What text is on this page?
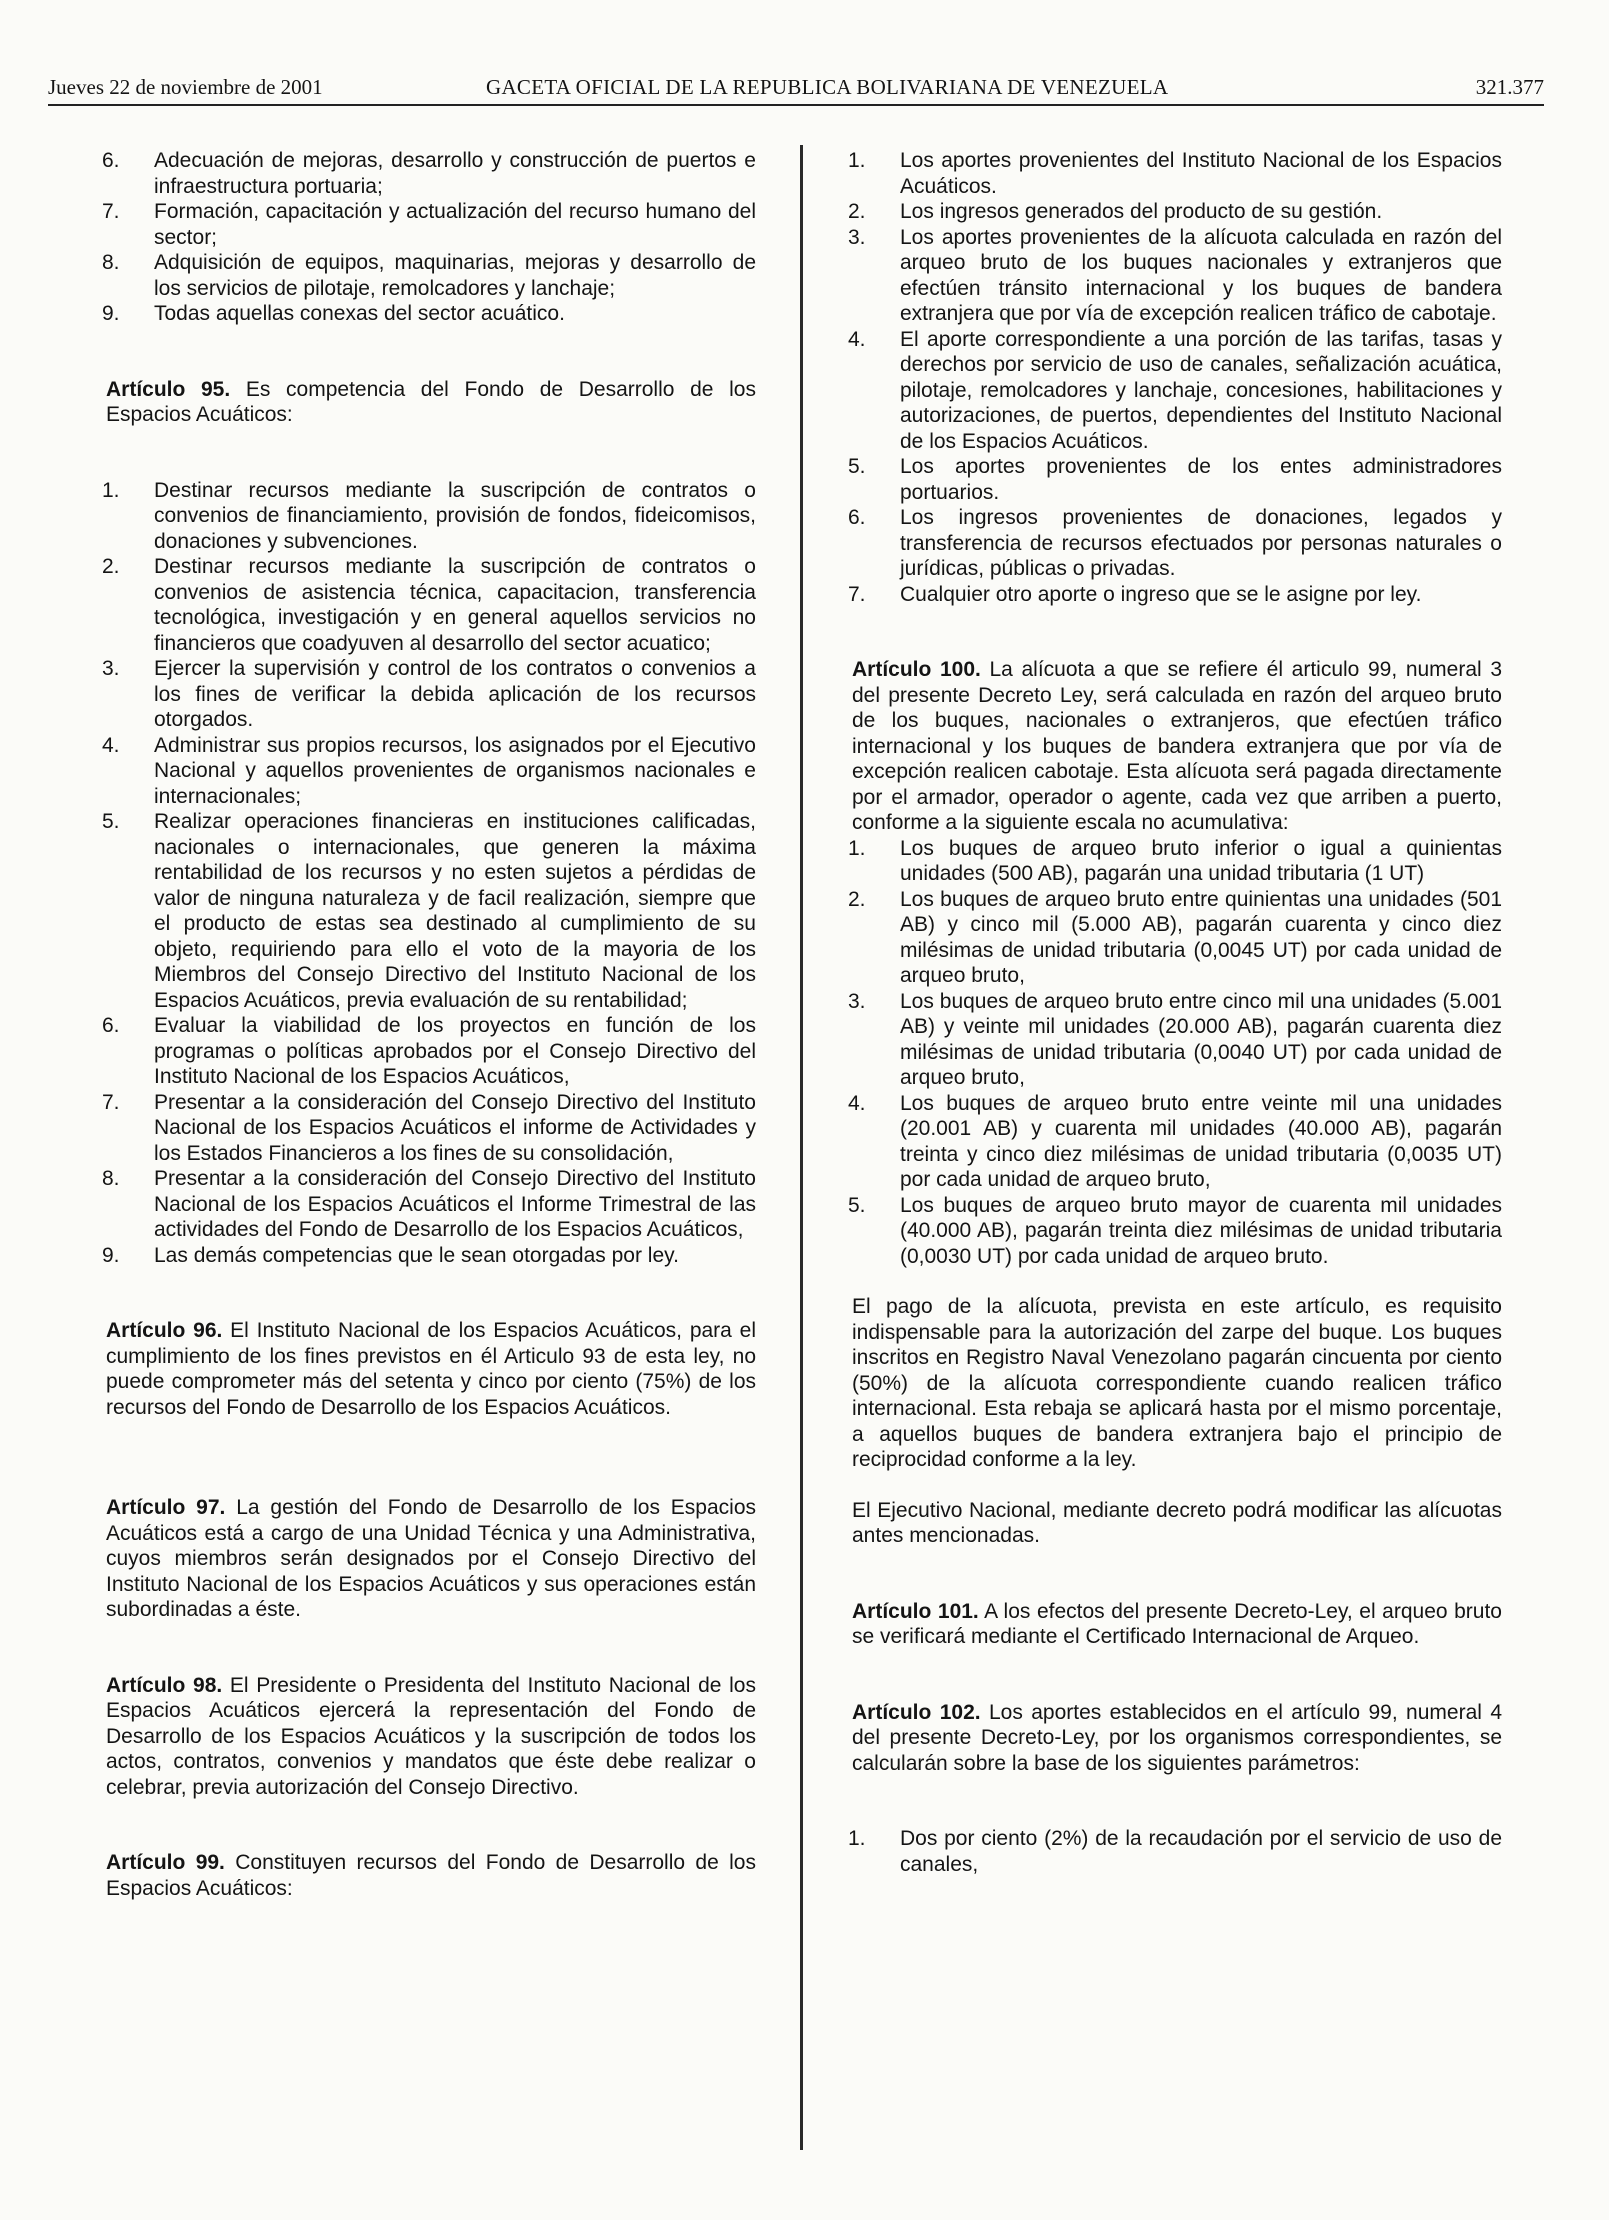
Jueves 22 de noviembre de 2001	GACETA OFICIAL DE LA REPUBLICA BOLIVARIANA DE VENEZUELA	321.377
6. Adecuación de mejoras, desarrollo y construcción de puertos e infraestructura portuaria;
7. Formación, capacitación y actualización del recurso humano del sector;
8. Adquisición de equipos, maquinarias, mejoras y desarrollo de los servicios de pilotaje, remolcadores y lanchaje;
9. Todas aquellas conexas del sector acuático.

Artículo 95. Es competencia del Fondo de Desarrollo de los Espacios Acuáticos:

1. Destinar recursos mediante la suscripción de contratos o convenios de financiamiento, provisión de fondos, fideicomisos, donaciones y subvenciones.
2. Destinar recursos mediante la suscripción de contratos o convenios de asistencia técnica, capacitacion, transferencia tecnológica, investigación y en general aquellos servicios no financieros que coadyuven al desarrollo del sector acuatico;
3. Ejercer la supervisión y control de los contratos o convenios a los fines de verificar la debida aplicación de los recursos otorgados.
4. Administrar sus propios recursos, los asignados por el Ejecutivo Nacional y aquellos provenientes de organismos nacionales e internacionales;
5. Realizar operaciones financieras en instituciones calificadas, nacionales o internacionales, que generen la máxima rentabilidad de los recursos y no esten sujetos a pérdidas de valor de ninguna naturaleza y de facil realización, siempre que el producto de estas sea destinado al cumplimiento de su objeto, requiriendo para ello el voto de la mayoria de los Miembros del Consejo Directivo del Instituto Nacional de los Espacios Acuáticos, previa evaluación de su rentabilidad;
6. Evaluar la viabilidad de los proyectos en función de los programas o políticas aprobados por el Consejo Directivo del Instituto Nacional de los Espacios Acuáticos,
7. Presentar a la consideración del Consejo Directivo del Instituto Nacional de los Espacios Acuáticos el informe de Actividades y los Estados Financieros a los fines de su consolidación,
8. Presentar a la consideración del Consejo Directivo del Instituto Nacional de los Espacios Acuáticos el Informe Trimestral de las actividades del Fondo de Desarrollo de los Espacios Acuáticos,
9. Las demás competencias que le sean otorgadas por ley.

Artículo 96. El Instituto Nacional de los Espacios Acuáticos, para el cumplimiento de los fines previstos en él Articulo 93 de esta ley, no puede comprometer más del setenta y cinco por ciento (75%) de los recursos del Fondo de Desarrollo de los Espacios Acuáticos.

Artículo 97. La gestión del Fondo de Desarrollo de los Espacios Acuáticos está a cargo de una Unidad Técnica y una Administrativa, cuyos miembros serán designados por el Consejo Directivo del Instituto Nacional de los Espacios Acuáticos y sus operaciones están subordinadas a éste.

Artículo 98. El Presidente o Presidenta del Instituto Nacional de los Espacios Acuáticos ejercerá la representación del Fondo de Desarrollo de los Espacios Acuáticos y la suscripción de todos los actos, contratos, convenios y mandatos que éste debe realizar o celebrar, previa autorización del Consejo Directivo.

Artículo 99. Constituyen recursos del Fondo de Desarrollo de los Espacios Acuáticos:

1. Los aportes provenientes del Instituto Nacional de los Espacios Acuáticos.
2. Los ingresos generados del producto de su gestión.
3. Los aportes provenientes de la alícuota calculada en razón del arqueo bruto de los buques nacionales y extranjeros que efectúen tránsito internacional y los buques de bandera extranjera que por vía de excepción realicen tráfico de cabotaje.
4. El aporte correspondiente a una porción de las tarifas, tasas y derechos por servicio de uso de canales, señalización acuática, pilotaje, remolcadores y lanchaje, concesiones, habilitaciones y autorizaciones, de puertos, dependientes del Instituto Nacional de los Espacios Acuáticos.
5. Los aportes provenientes de los entes administradores portuarios.
6. Los ingresos provenientes de donaciones, legados y transferencia de recursos efectuados por personas naturales o jurídicas, públicas o privadas.
7. Cualquier otro aporte o ingreso que se le asigne por ley.

Artículo 100. La alícuota a que se refiere él articulo 99, numeral 3 del presente Decreto Ley, será calculada en razón del arqueo bruto de los buques, nacionales o extranjeros, que efectúen tráfico internacional y los buques de bandera extranjera que por vía de excepción realicen cabotaje. Esta alícuota será pagada directamente por el armador, operador o agente, cada vez que arriben a puerto, conforme a la siguiente escala no acumulativa:

1. Los buques de arqueo bruto inferior o igual a quinientas unidades (500 AB), pagarán una unidad tributaria (1 UT)
2. Los buques de arqueo bruto entre quinientas una unidades (501 AB) y cinco mil (5.000 AB), pagarán cuarenta y cinco diez milésimas de unidad tributaria (0,0045 UT) por cada unidad de arqueo bruto,
3. Los buques de arqueo bruto entre cinco mil una unidades (5.001 AB) y veinte mil unidades (20.000 AB), pagarán cuarenta diez milésimas de unidad tributaria (0,0040 UT) por cada unidad de arqueo bruto,
4. Los buques de arqueo bruto entre veinte mil una unidades (20.001 AB) y cuarenta mil unidades (40.000 AB), pagarán treinta y cinco diez milésimas de unidad tributaria (0,0035 UT) por cada unidad de arqueo bruto,
5. Los buques de arqueo bruto mayor de cuarenta mil unidades (40.000 AB), pagarán treinta diez milésimas de unidad tributaria (0,0030 UT) por cada unidad de arqueo bruto.

El pago de la alícuota, prevista en este artículo, es requisito indispensable para la autorización del zarpe del buque. Los buques inscritos en Registro Naval Venezolano pagarán cincuenta por ciento (50%) de la alícuota correspondiente cuando realicen tráfico internacional. Esta rebaja se aplicará hasta por el mismo porcentaje, a aquellos buques de bandera extranjera bajo el principio de reciprocidad conforme a la ley.

El Ejecutivo Nacional, mediante decreto podrá modificar las alícuotas antes mencionadas.

Artículo 101. A los efectos del presente Decreto-Ley, el arqueo bruto se verificará mediante el Certificado Internacional de Arqueo.

Artículo 102. Los aportes establecidos en el artículo 99, numeral 4 del presente Decreto-Ley, por los organismos correspondientes, se calcularán sobre la base de los siguientes parámetros:

1. Dos por ciento (2%) de la recaudación por el servicio de uso de canales,
